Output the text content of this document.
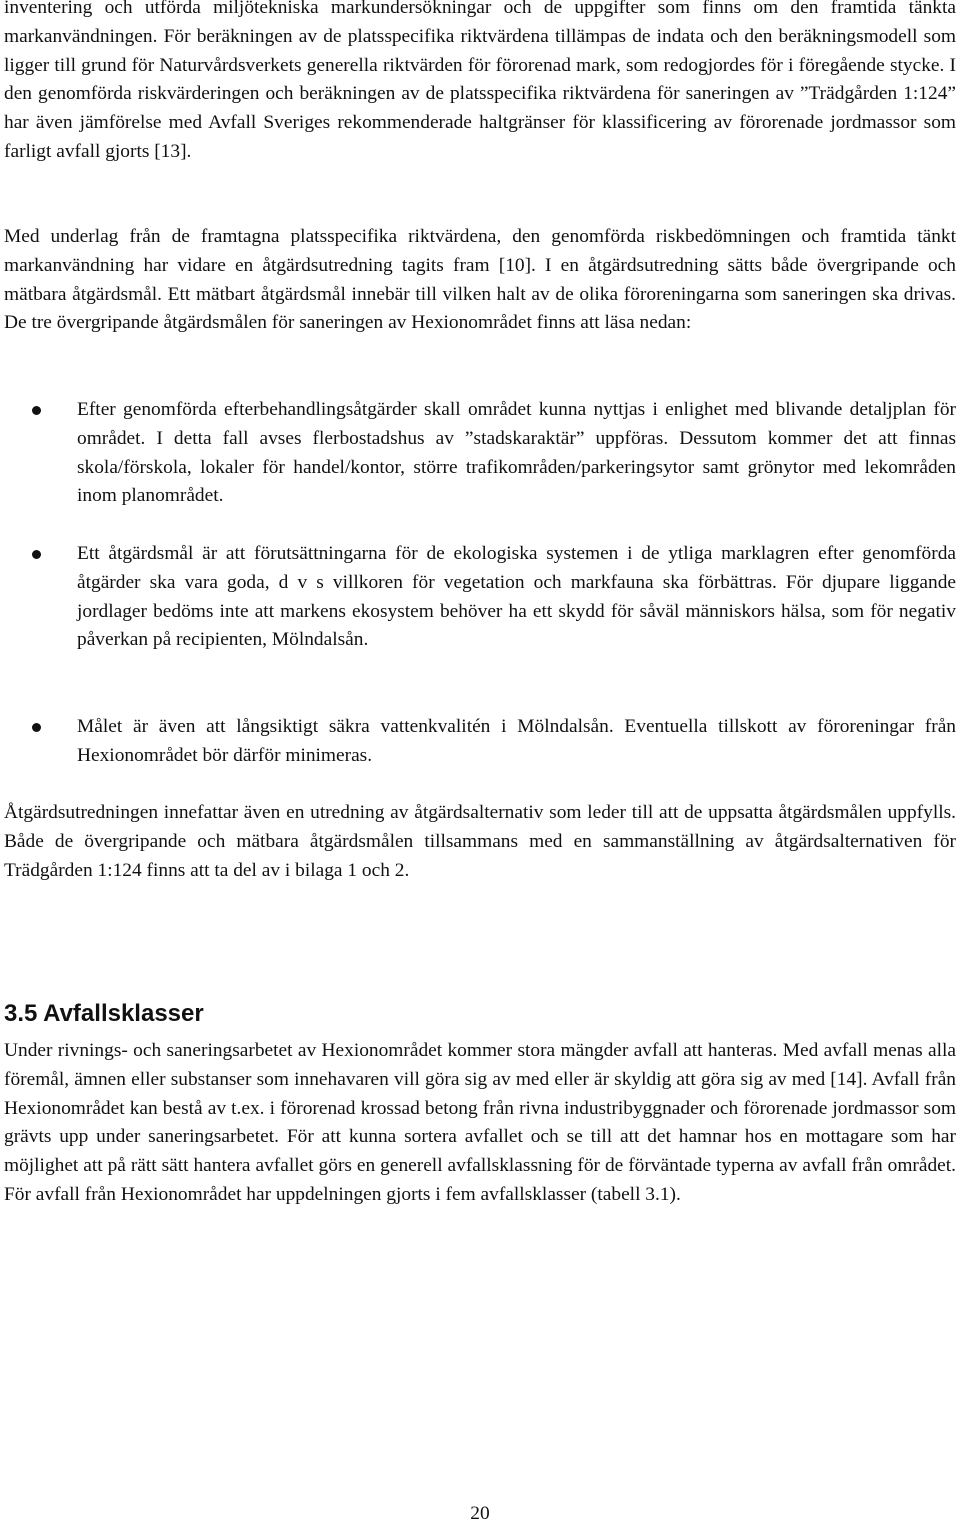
inventering och utförda miljötekniska markundersökningar och de uppgifter som finns om den framtida tänkta markanvändningen. För beräkningen av de platsspecifika riktvärdena tillämpas de indata och den beräkningsmodell som ligger till grund för Naturvårdsverkets generella riktvärden för förorenad mark, som redogjordes för i föregående stycke. I den genomförda riskvärderingen och beräkningen av de platsspecifika riktvärdena för saneringen av ”Trädgården 1:124” har även jämförelse med Avfall Sveriges rekommenderade haltgränser för klassificering av förorenade jordmassor som farligt avfall gjorts [13].

Med underlag från de framtagna platsspecifika riktvärdena, den genomförda riskbedömningen och framtida tänkt markanvändning har vidare en åtgärdsutredning tagits fram [10]. I en åtgärdsutredning sätts både övergripande och mätbara åtgärdsmål. Ett mätbart åtgärdsmål innebär till vilken halt av de olika föroreningarna som saneringen ska drivas. De tre övergripande åtgärdsmålen för saneringen av Hexionområdet finns att läsa nedan:

Efter genomförda efterbehandlingsåtgärder skall området kunna nyttjas i enlighet med blivande detaljplan för området. I detta fall avses flerbostadshus av ”stadskaraktär” uppföras. Dessutom kommer det att finnas skola/förskola, lokaler för handel/kontor, större trafikområden/parkeringsytor samt grönytor med lekområden inom planområdet.

Ett åtgärdsmål är att förutsättningarna för de ekologiska systemen i de ytliga marklagren efter genomförda åtgärder ska vara goda, d v s villkoren för vegetation och markfauna ska förbättras. För djupare liggande jordlager bedöms inte att markens ekosystem behöver ha ett skydd för såväl människors hälsa, som för negativ påverkan på recipienten, Mölndalsån.

Målet är även att långsiktigt säkra vattenkvalitén i Mölndalsån. Eventuella tillskott av föroreningar från Hexionområdet bör därför minimeras.

Åtgärdsutredningen innefattar även en utredning av åtgärdsalternativ som leder till att de uppsatta åtgärdsmålen uppfylls. Både de övergripande och mätbara åtgärdsmålen tillsammans med en sammanställning av åtgärdsalternativen för Trädgården 1:124 finns att ta del av i bilaga 1 och 2.

3.5 Avfallsklasser

Under rivnings- och saneringsarbetet av Hexionområdet kommer stora mängder avfall att hanteras. Med avfall menas alla föremål, ämnen eller substanser som innehavaren vill göra sig av med eller är skyldig att göra sig av med [14]. Avfall från Hexionområdet kan bestå av t.ex. i förorenad krossad betong från rivna industribyggnader och förorenade jordmassor som grävts upp under saneringsarbetet. För att kunna sortera avfallet och se till att det hamnar hos en mottagare som har möjlighet att på rätt sätt hantera avfallet görs en generell avfallsklassning för de förväntade typerna av avfall från området. För avfall från Hexionområdet har uppdelningen gjorts i fem avfallsklasser (tabell 3.1).

20
